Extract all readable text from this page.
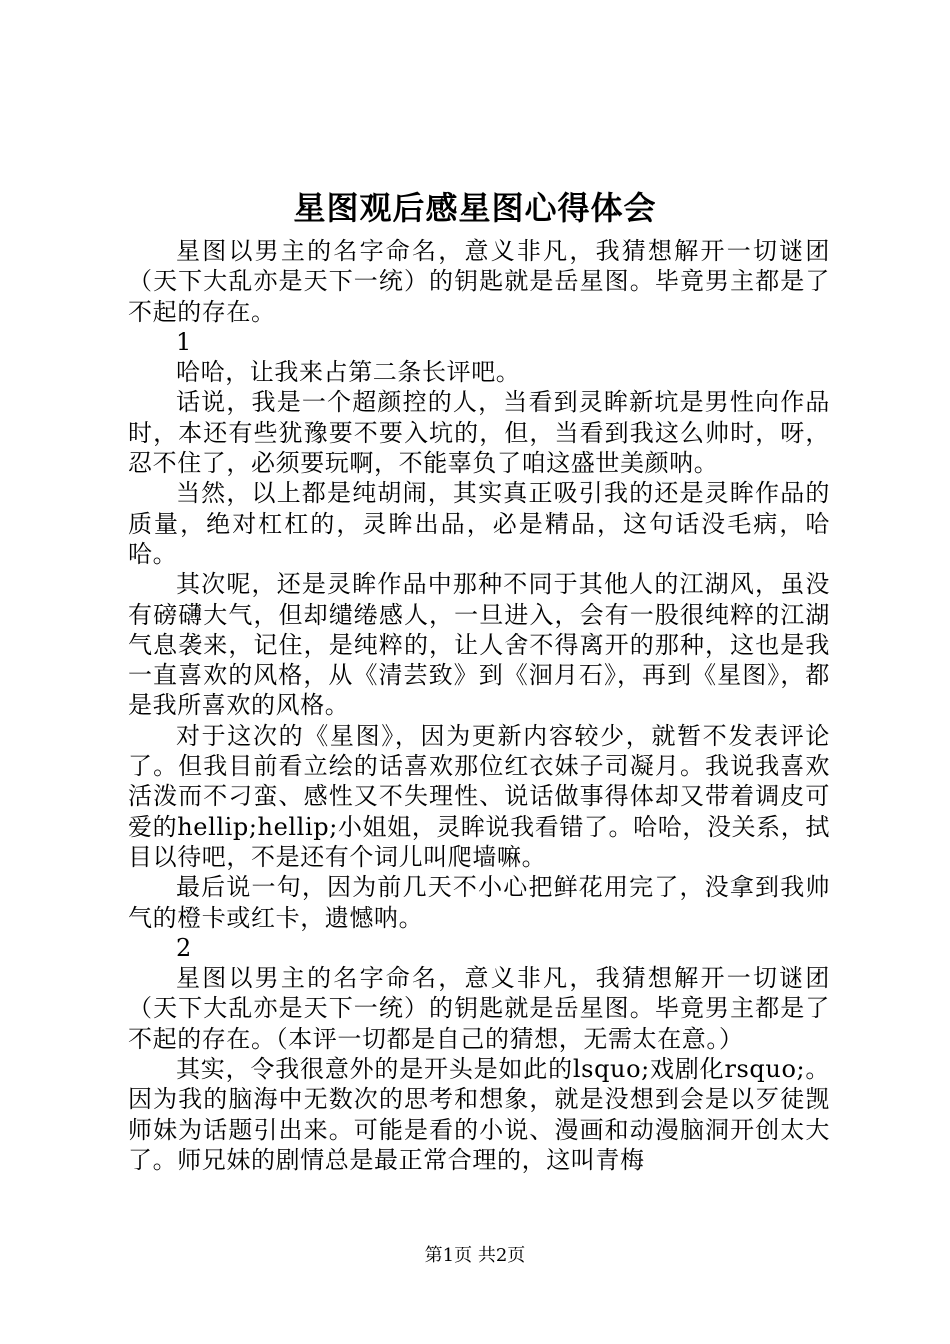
星图观后感星图心得体会

星图以男主的名字命名，意义非凡，我猜想解开一切谜团（天下大乱亦是天下一统）的钥匙就是岳星图。毕竟男主都是了不起的存在。

1

哈哈，让我来占第二条长评吧。

话说，我是一个超颜控的人，当看到灵眸新坑是男性向作品时，本还有些犹豫要不要入坑的，但，当看到我这么帅时，呀，忍不住了，必须要玩啊，不能辜负了咱这盛世美颜呐。

当然，以上都是纯胡闹，其实真正吸引我的还是灵眸作品的质量，绝对杠杠的，灵眸出品，必是精品，这句话没毛病，哈哈。

其次呢，还是灵眸作品中那种不同于其他人的江湖风，虽没有磅礴大气，但却缱绻感人，一旦进入，会有一股很纯粹的江湖气息袭来，记住，是纯粹的，让人舍不得离开的那种，这也是我一直喜欢的风格，从《清芸致》到《洄月石》，再到《星图》，都是我所喜欢的风格。

对于这次的《星图》，因为更新内容较少，就暂不发表评论了。但我目前看立绘的话喜欢那位红衣妹子司凝月。我说我喜欢活泼而不刁蛮、感性又不失理性、说话做事得体却又带着调皮可爱的hellip;hellip;小姐姐，灵眸说我看错了。哈哈，没关系，拭目以待吧，不是还有个词儿叫爬墙嘛。

最后说一句，因为前几天不小心把鲜花用完了，没拿到我帅气的橙卡或红卡，遗憾呐。

2

星图以男主的名字命名，意义非凡，我猜想解开一切谜团（天下大乱亦是天下一统）的钥匙就是岳星图。毕竟男主都是了不起的存在。（本评一切都是自己的猜想，无需太在意。）

其实，令我很意外的是开头是如此的lsquo;戏剧化rsquo;。因为我的脑海中无数次的思考和想象，就是没想到会是以歹徒觊师妹为话题引出来。可能是看的小说、漫画和动漫脑洞开创太大了。师兄妹的剧情总是最正常合理的，这叫青梅

第1页 共2页
